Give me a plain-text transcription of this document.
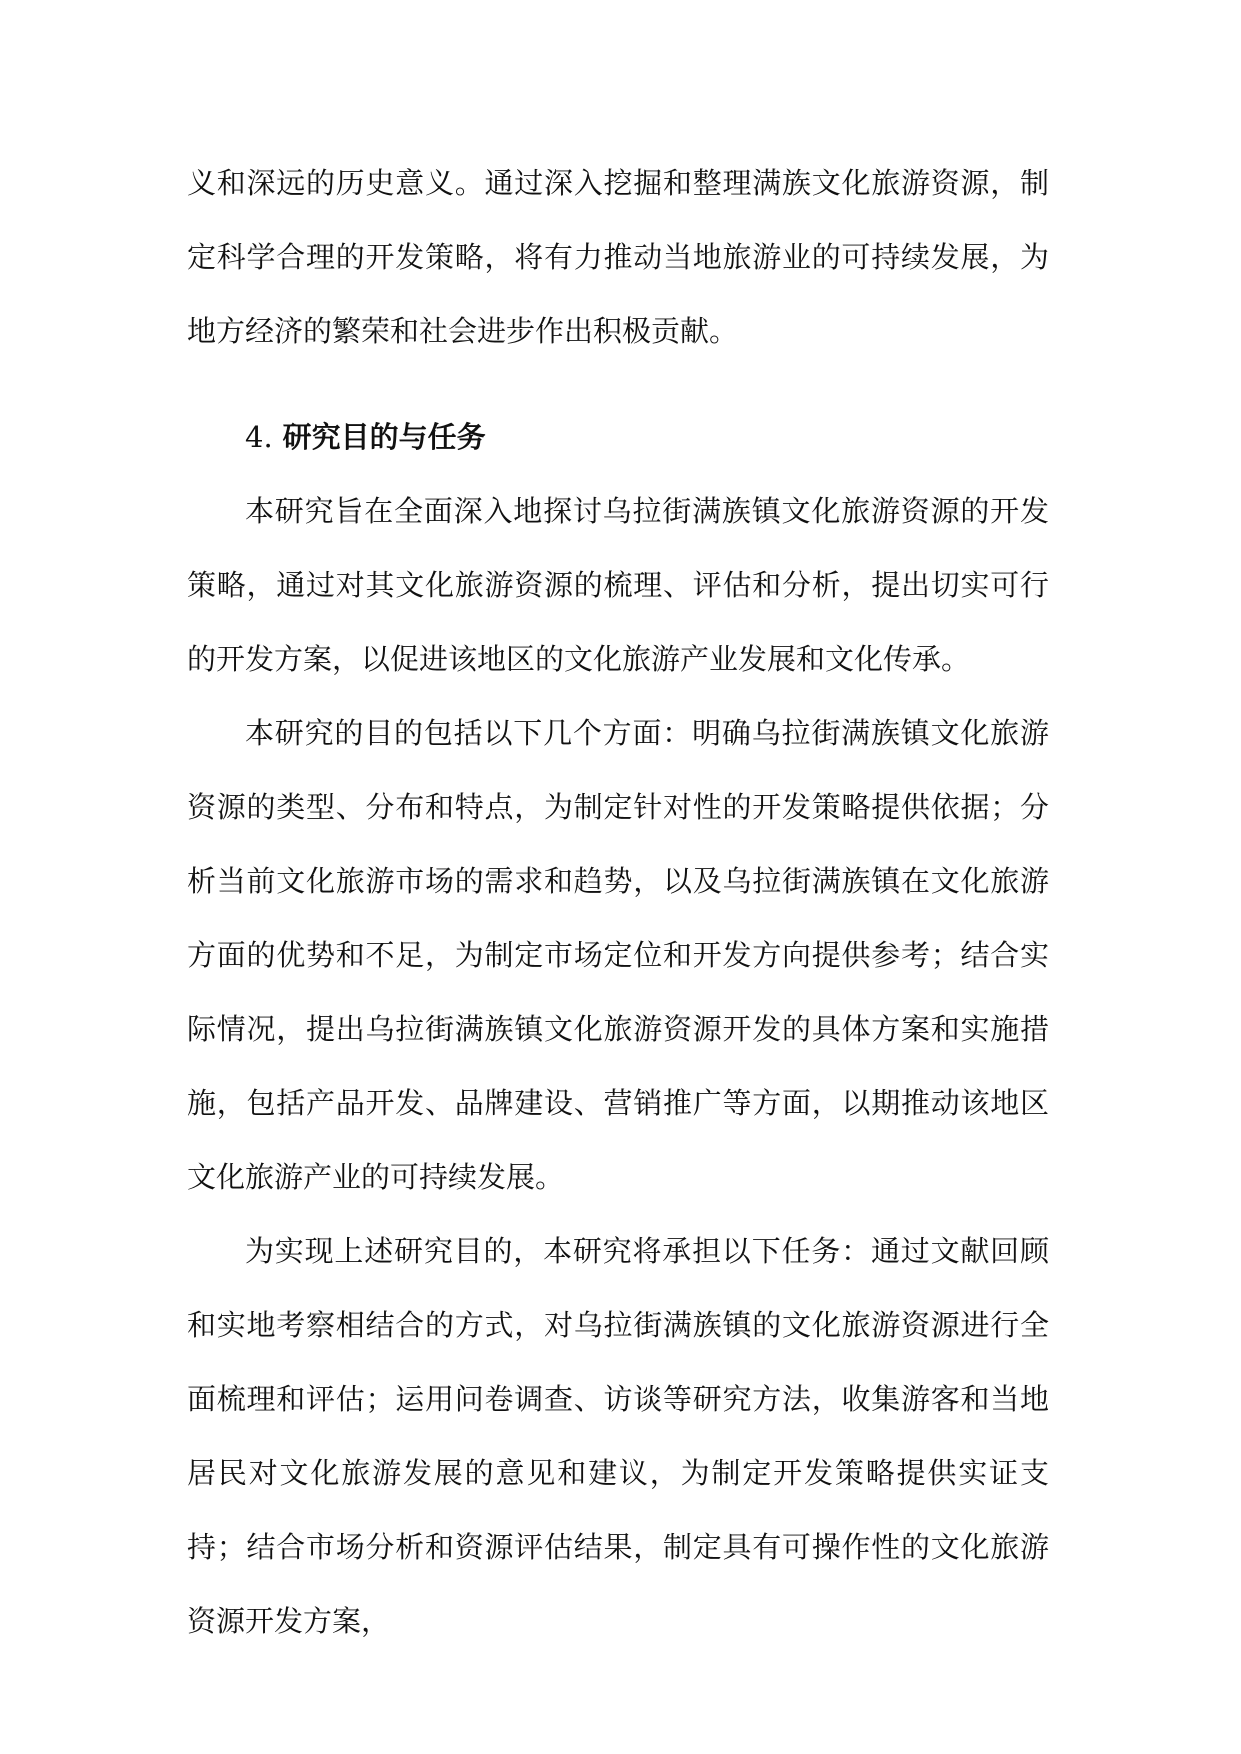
义和深远的历史意义。通过深入挖掘和整理满族文化旅游资源，制定科学合理的开发策略，将有力推动当地旅游业的可持续发展，为地方经济的繁荣和社会进步作出积极贡献。

4. 研究目的与任务

本研究旨在全面深入地探讨乌拉街满族镇文化旅游资源的开发策略，通过对其文化旅游资源的梳理、评估和分析，提出切实可行的开发方案，以促进该地区的文化旅游产业发展和文化传承。

本研究的目的包括以下几个方面：明确乌拉街满族镇文化旅游资源的类型、分布和特点，为制定针对性的开发策略提供依据；分析当前文化旅游市场的需求和趋势，以及乌拉街满族镇在文化旅游方面的优势和不足，为制定市场定位和开发方向提供参考；结合实际情况，提出乌拉街满族镇文化旅游资源开发的具体方案和实施措施，包括产品开发、品牌建设、营销推广等方面，以期推动该地区文化旅游产业的可持续发展。

为实现上述研究目的，本研究将承担以下任务：通过文献回顾和实地考察相结合的方式，对乌拉街满族镇的文化旅游资源进行全面梳理和评估；运用问卷调查、访谈等研究方法，收集游客和当地居民对文化旅游发展的意见和建议，为制定开发策略提供实证支持；结合市场分析和资源评估结果，制定具有可操作性的文化旅游资源开发方案，
